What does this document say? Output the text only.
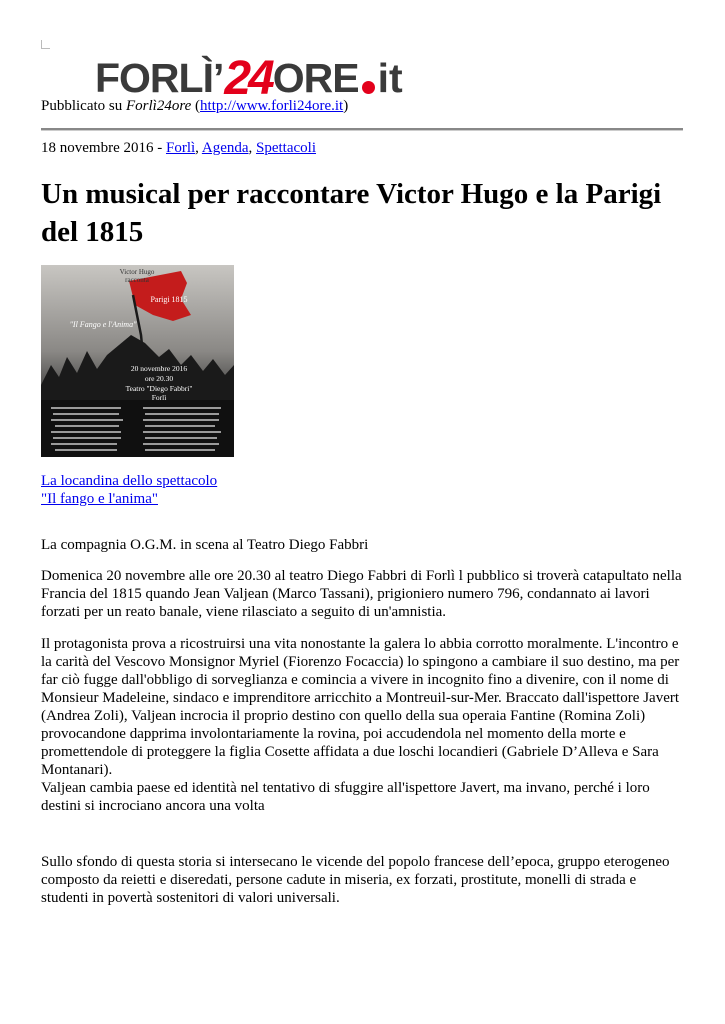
FORLÌ’ 24 ORE it
Pubblicato su Forlì24ore (http://www.forli24ore.it)
18 novembre 2016 - Forlì, Agenda, Spettacoli
Un musical per raccontare Victor Hugo e la Parigi del 1815
Victor Hugo
racconta
Parigi 1815
"Il Fango e l'Anima"
20 novembre 2016
ore 20.30
Teatro "Diego Fabbri"
Forlì
La locandina dello spettacolo
"Il fango e l'anima"

La compagnia O.G.M. in scena al Teatro Diego Fabbri

Domenica 20 novembre alle ore 20.30 al teatro Diego Fabbri di Forlì l pubblico si troverà catapultato nella Francia del 1815 quando Jean Valjean (Marco Tassani), prigioniero numero 796, condannato ai lavori forzati per un reato banale, viene rilasciato a seguito di un'amnistia.

Il protagonista prova a ricostruirsi una vita nonostante la galera lo abbia corrotto moralmente. L'incontro e la carità del Vescovo Monsignor Myriel (Fiorenzo Focaccia) lo spingono a cambiare il suo destino, ma per far ciò fugge dall'obbligo di sorveglianza e comincia a vivere in incognito fino a divenire, con il nome di Monsieur Madeleine, sindaco e imprenditore arricchito a Montreuil-sur-Mer. Braccato dall'ispettore Javert (Andrea Zoli), Valjean incrocia il proprio destino con quello della sua operaia Fantine (Romina Zoli) provocandone dapprima involontariamente la rovina, poi accudendola nel momento della morte e promettendole di proteggere la figlia Cosette affidata a due loschi locandieri (Gabriele D’Alleva e Sara Montanari).
Valjean cambia paese ed identità nel tentativo di sfuggire all'ispettore Javert, ma invano, perché i loro destini si incrociano ancora una volta

Sullo sfondo di questa storia si intersecano le vicende del popolo francese dell’epoca, gruppo eterogeneo composto da reietti e diseredati, persone cadute in miseria, ex forzati, prostitute, monelli di strada e studenti in povertà sostenitori di valori universali.
